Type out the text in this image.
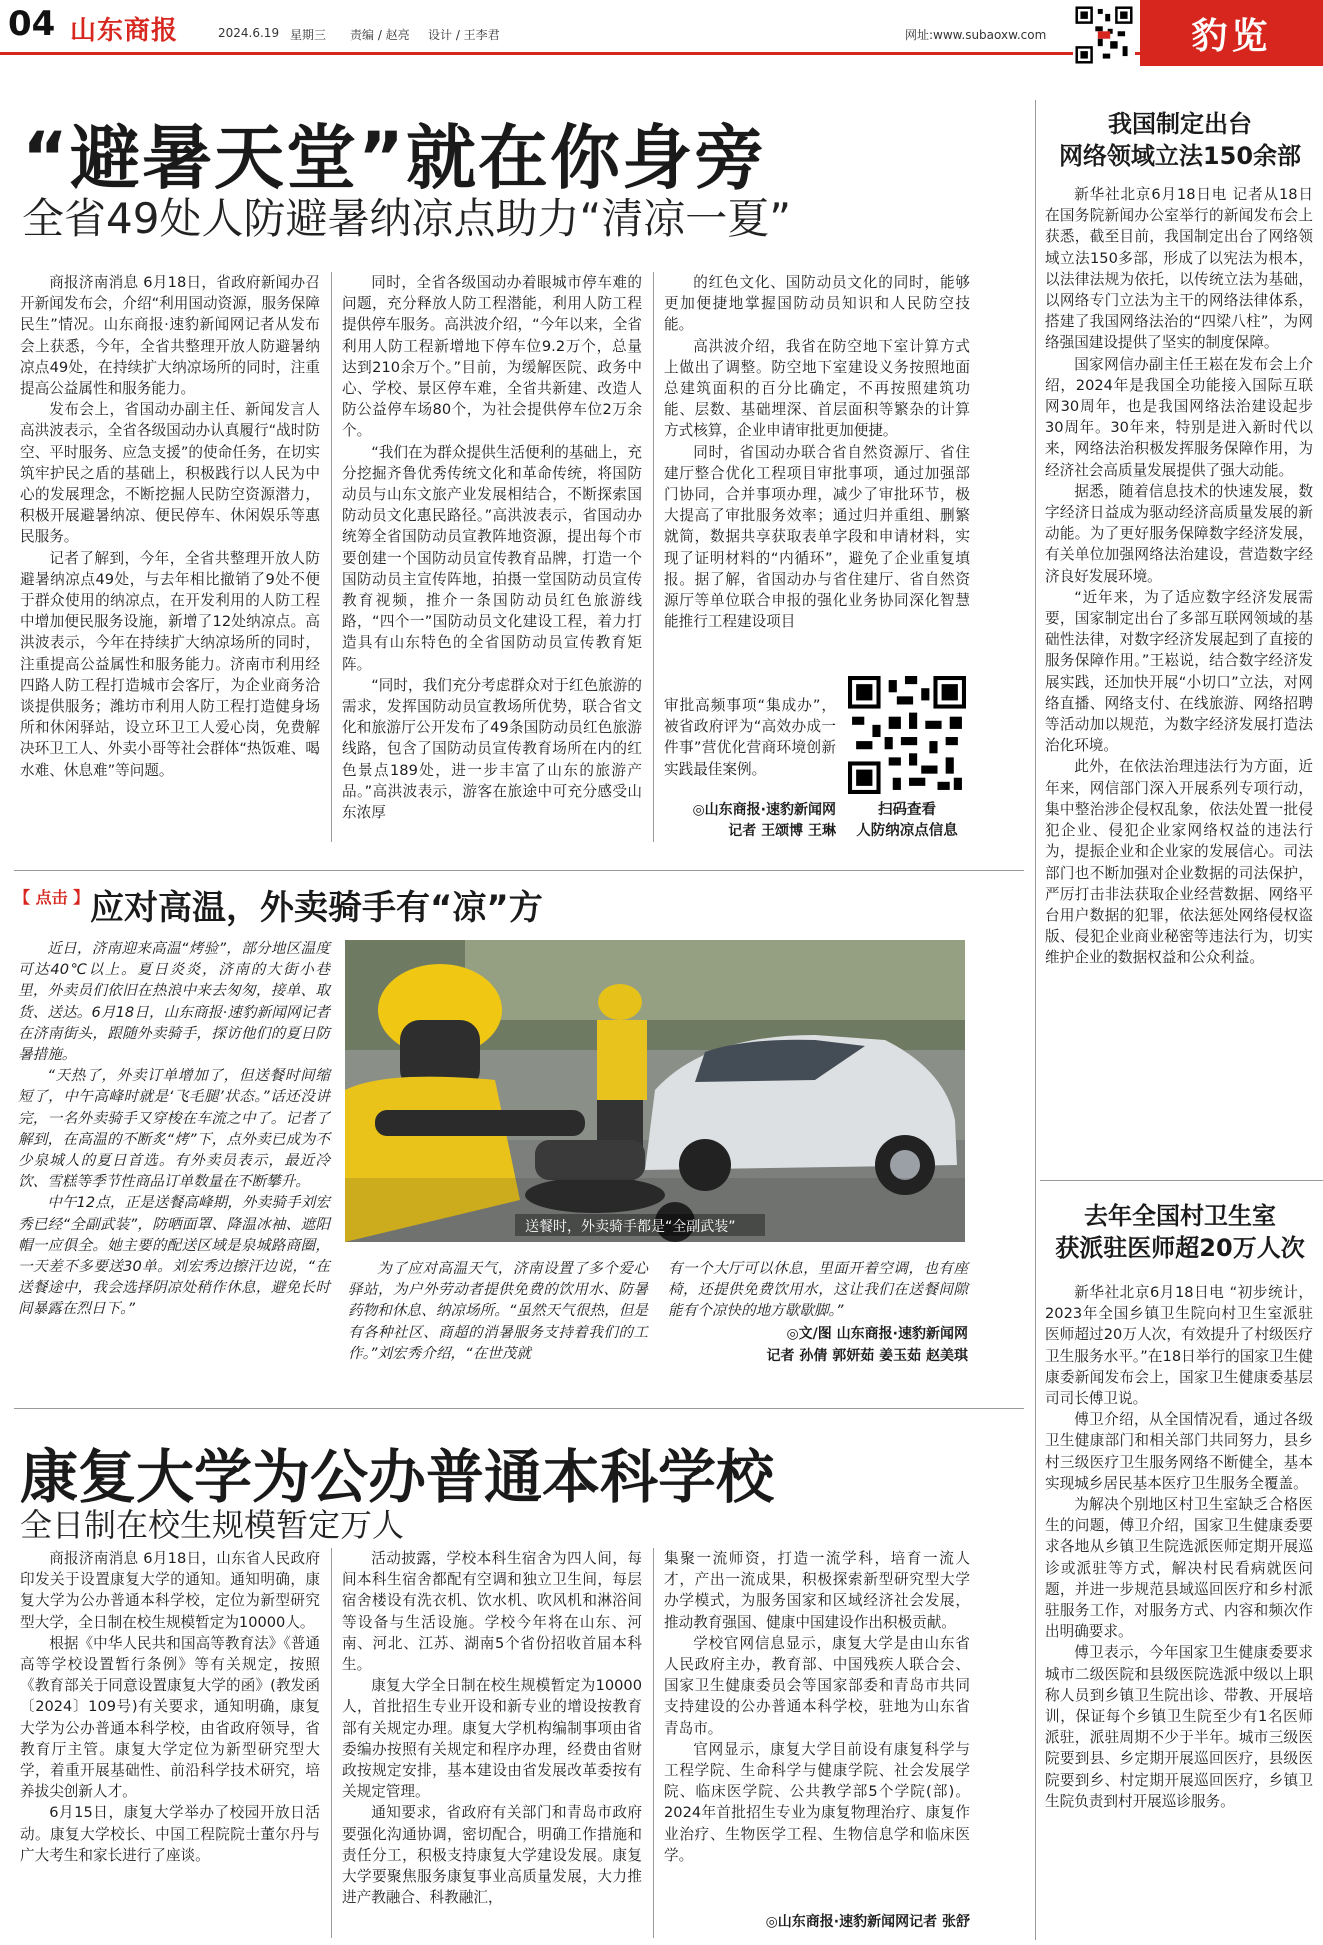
04 山东商报	2024.6.19 星期三 责编 / 赵亮 设计 / 王李君	网址:www.subaoxw.com	豹览
“避暑天堂”就在你身旁
全省49处人防避暑纳凉点助力“清凉一夏”

商报济南消息 6月18日，省政府新闻办召开新闻发布会，介绍“利用国动资源，服务保障民生”情况。山东商报·速豹新闻网记者从发布会上获悉，今年，全省共整理开放人防避暑纳凉点49处，在持续扩大纳凉场所的同时，注重提高公益属性和服务能力。

发布会上，省国动办副主任、新闻发言人高洪波表示，全省各级国动办认真履行“战时防空、平时服务、应急支援”的使命任务，在切实筑牢护民之盾的基础上，积极践行以人民为中心的发展理念，不断挖掘人民防空资源潜力，积极开展避暑纳凉、便民停车、休闲娱乐等惠民服务。

记者了解到，今年，全省共整理开放人防避暑纳凉点49处，与去年相比撤销了9处不便于群众使用的纳凉点，在开发利用的人防工程中增加便民服务设施，新增了12处纳凉点。高洪波表示，今年在持续扩大纳凉场所的同时，注重提高公益属性和服务能力。济南市利用经四路人防工程打造城市会客厅，为企业商务洽谈提供服务；潍坊市利用人防工程打造健身场所和休闲驿站，设立环卫工人爱心岗，免费解决环卫工人、外卖小哥等社会群体“热饭难、喝水难、休息难”等问题。

同时，全省各级国动办着眼城市停车难的问题，充分释放人防工程潜能，利用人防工程提供停车服务。高洪波介绍，“今年以来，全省利用人防工程新增地下停车位9.2万个，总量达到210余万个。”目前，为缓解医院、政务中心、学校、景区停车难，全省共新建、改造人防公益停车场80个，为社会提供停车位2万余个。

“我们在为群众提供生活便利的基础上，充分挖掘齐鲁优秀传统文化和革命传统，将国防动员与山东文旅产业发展相结合，不断探索国防动员文化惠民路径。”高洪波表示，省国动办统筹全省国防动员宣教阵地资源，提出每个市要创建一个国防动员宣传教育品牌，打造一个国防动员主宣传阵地，拍摄一堂国防动员宣传教育视频，推介一条国防动员红色旅游线路，“四个一”国防动员文化建设工程，着力打造具有山东特色的全省国防动员宣传教育矩阵。

“同时，我们充分考虑群众对于红色旅游的需求，发挥国防动员宣教场所优势，联合省文化和旅游厅公开发布了49条国防动员红色旅游线路，包含了国防动员宣传教育场所在内的红色景点189处，进一步丰富了山东的旅游产品。”高洪波表示，游客在旅途中可充分感受山东浓厚

的红色文化、国防动员文化的同时，能够更加便捷地掌握国防动员知识和人民防空技能。

高洪波介绍，我省在防空地下室计算方式上做出了调整。防空地下室建设义务按照地面总建筑面积的百分比确定，不再按照建筑功能、层数、基础埋深、首层面积等繁杂的计算方式核算，企业申请审批更加便捷。

同时，省国动办联合省自然资源厅、省住建厅整合优化工程项目审批事项，通过加强部门协同，合并事项办理，减少了审批环节，极大提高了审批服务效率；通过归并重组、删繁就简，数据共享获取表单字段和申请材料，实现了证明材料的“内循环”，避免了企业重复填报。据了解，省国动办与省住建厅、省自然资源厅等单位联合申报的强化业务协同深化智慧能推行工程建设项目

审批高频事项“集成办”，被省政府评为“高效办成一件事”营优化营商环境创新实践最佳案例。

◎山东商报·速豹新闻网
记者 王颂博 王琳
扫码查看
人防纳凉点信息
我国制定出台
网络领域立法150余部

新华社北京6月18日电 记者从18日在国务院新闻办公室举行的新闻发布会上获悉，截至目前，我国制定出台了网络领域立法150多部，形成了以宪法为根本，以法律法规为依托，以传统立法为基础，以网络专门立法为主干的网络法律体系，搭建了我国网络法治的“四梁八柱”，为网络强国建设提供了坚实的制度保障。

国家网信办副主任王崧在发布会上介绍，2024年是我国全功能接入国际互联网30周年，也是我国网络法治建设起步30周年。30年来，特别是进入新时代以来，网络法治积极发挥服务保障作用，为经济社会高质量发展提供了强大动能。

据悉，随着信息技术的快速发展，数字经济日益成为驱动经济高质量发展的新动能。为了更好服务保障数字经济发展，有关单位加强网络法治建设，营造数字经济良好发展环境。

“近年来，为了适应数字经济发展需要，国家制定出台了多部互联网领域的基础性法律，对数字经济发展起到了直接的服务保障作用。”王崧说，结合数字经济发展实践，还加快开展“小切口”立法，对网络直播、网络支付、在线旅游、网络招聘等活动加以规范，为数字经济发展打造法治化环境。

此外，在依法治理违法行为方面，近年来，网信部门深入开展系列专项行动，集中整治涉企侵权乱象，依法处置一批侵犯企业、侵犯企业家网络权益的违法行为，提振企业和企业家的发展信心。司法部门也不断加强对企业数据的司法保护，严厉打击非法获取企业经营数据、网络平台用户数据的犯罪，依法惩处网络侵权盗版、侵犯企业商业秘密等违法行为，切实维护企业的数据权益和公众利益。

去年全国村卫生室
获派驻医师超20万人次

新华社北京6月18日电 “初步统计，2023年全国乡镇卫生院向村卫生室派驻医师超过20万人次，有效提升了村级医疗卫生服务水平。”在18日举行的国家卫生健康委新闻发布会上，国家卫生健康委基层司司长傅卫说。

傅卫介绍，从全国情况看，通过各级卫生健康部门和相关部门共同努力，县乡村三级医疗卫生服务网络不断健全，基本实现城乡居民基本医疗卫生服务全覆盖。

为解决个别地区村卫生室缺乏合格医生的问题，傅卫介绍，国家卫生健康委要求各地从乡镇卫生院选派医师定期开展巡诊或派驻等方式，解决村民看病就医问题，并进一步规范县域巡回医疗和乡村派驻服务工作，对服务方式、内容和频次作出明确要求。

傅卫表示，今年国家卫生健康委要求城市二级医院和县级医院选派中级以上职称人员到乡镇卫生院出诊、带教、开展培训，保证每个乡镇卫生院至少有1名医师派驻，派驻周期不少于半年。城市三级医院要到县、乡定期开展巡回医疗，县级医院要到乡、村定期开展巡回医疗，乡镇卫生院负责到村开展巡诊服务。

【 点击 】 应对高温，外卖骑手有“凉”方

近日，济南迎来高温“烤验”，部分地区温度可达40℃以上。夏日炎炎，济南的大街小巷里，外卖员们依旧在热浪中来去匆匆，接单、取货、送达。6月18日，山东商报·速豹新闻网记者在济南街头，跟随外卖骑手，探访他们的夏日防暑措施。

“天热了，外卖订单增加了，但送餐时间缩短了，中午高峰时就是‘飞毛腿’状态。”话还没讲完，一名外卖骑手又穿梭在车流之中了。记者了解到，在高温的不断炙“烤”下，点外卖已成为不少泉城人的夏日首选。有外卖员表示，最近冷饮、雪糕等季节性商品订单数量在不断攀升。

中午12点，正是送餐高峰期，外卖骑手刘宏秀已经“全副武装”，防晒面罩、降温冰袖、遮阳帽一应俱全。她主要的配送区域是泉城路商圈，一天差不多要送30单。刘宏秀边擦汗边说，“在送餐途中，我会选择阴凉处稍作休息，避免长时间暴露在烈日下。”

送餐时，外卖骑手都是“全副武装”

为了应对高温天气，济南设置了多个爱心驿站，为户外劳动者提供免费的饮用水、防暑药物和休息、纳凉场所。“虽然天气很热，但是有各种社区、商超的消暑服务支持着我们的工作。”刘宏秀介绍，“在世茂就

有一个大厅可以休息，里面开着空调，也有座椅，还提供免费饮用水，这让我们在送餐间隙能有个凉快的地方歇歇脚。”

◎文/图 山东商报·速豹新闻网
记者 孙倩 郭妍茹 姜玉茹 赵美琪
康复大学为公办普通本科学校
全日制在校生规模暂定万人

商报济南消息 6月18日，山东省人民政府印发关于设置康复大学的通知。通知明确，康复大学为公办普通本科学校，定位为新型研究型大学，全日制在校生规模暂定为10000人。

根据《中华人民共和国高等教育法》《普通高等学校设置暂行条例》等有关规定，按照《教育部关于同意设置康复大学的函》(教发函〔2024〕109号)有关要求，通知明确，康复大学为公办普通本科学校，由省政府领导，省教育厅主管。康复大学定位为新型研究型大学，着重开展基础性、前沿科学技术研究，培养拔尖创新人才。

6月15日，康复大学举办了校园开放日活动。康复大学校长、中国工程院院士董尔丹与广大考生和家长进行了座谈。

活动披露，学校本科生宿舍为四人间，每间本科生宿舍都配有空调和独立卫生间，每层宿舍楼设有洗衣机、饮水机、吹风机和淋浴间等设备与生活设施。学校今年将在山东、河南、河北、江苏、湖南5个省份招收首届本科生。

康复大学全日制在校生规模暂定为10000人，首批招生专业开设和新专业的增设按教育部有关规定办理。康复大学机构编制事项由省委编办按照有关规定和程序办理，经费由省财政按规定安排，基本建设由省发展改革委按有关规定管理。

通知要求，省政府有关部门和青岛市政府要强化沟通协调，密切配合，明确工作措施和责任分工，积极支持康复大学建设发展。康复大学要聚焦服务康复事业高质量发展，大力推进产教融合、科教融汇，

集聚一流师资，打造一流学科，培育一流人才，产出一流成果，积极探索新型研究型大学办学模式，为服务国家和区域经济社会发展，推动教育强国、健康中国建设作出积极贡献。

学校官网信息显示，康复大学是由山东省人民政府主办，教育部、中国残疾人联合会、国家卫生健康委员会等国家部委和青岛市共同支持建设的公办普通本科学校，驻地为山东省青岛市。

官网显示，康复大学目前设有康复科学与工程学院、生命科学与健康学院、社会发展学院、临床医学院、公共教学部5个学院(部)。2024年首批招生专业为康复物理治疗、康复作业治疗、生物医学工程、生物信息学和临床医学。

◎山东商报·速豹新闻网记者 张舒
